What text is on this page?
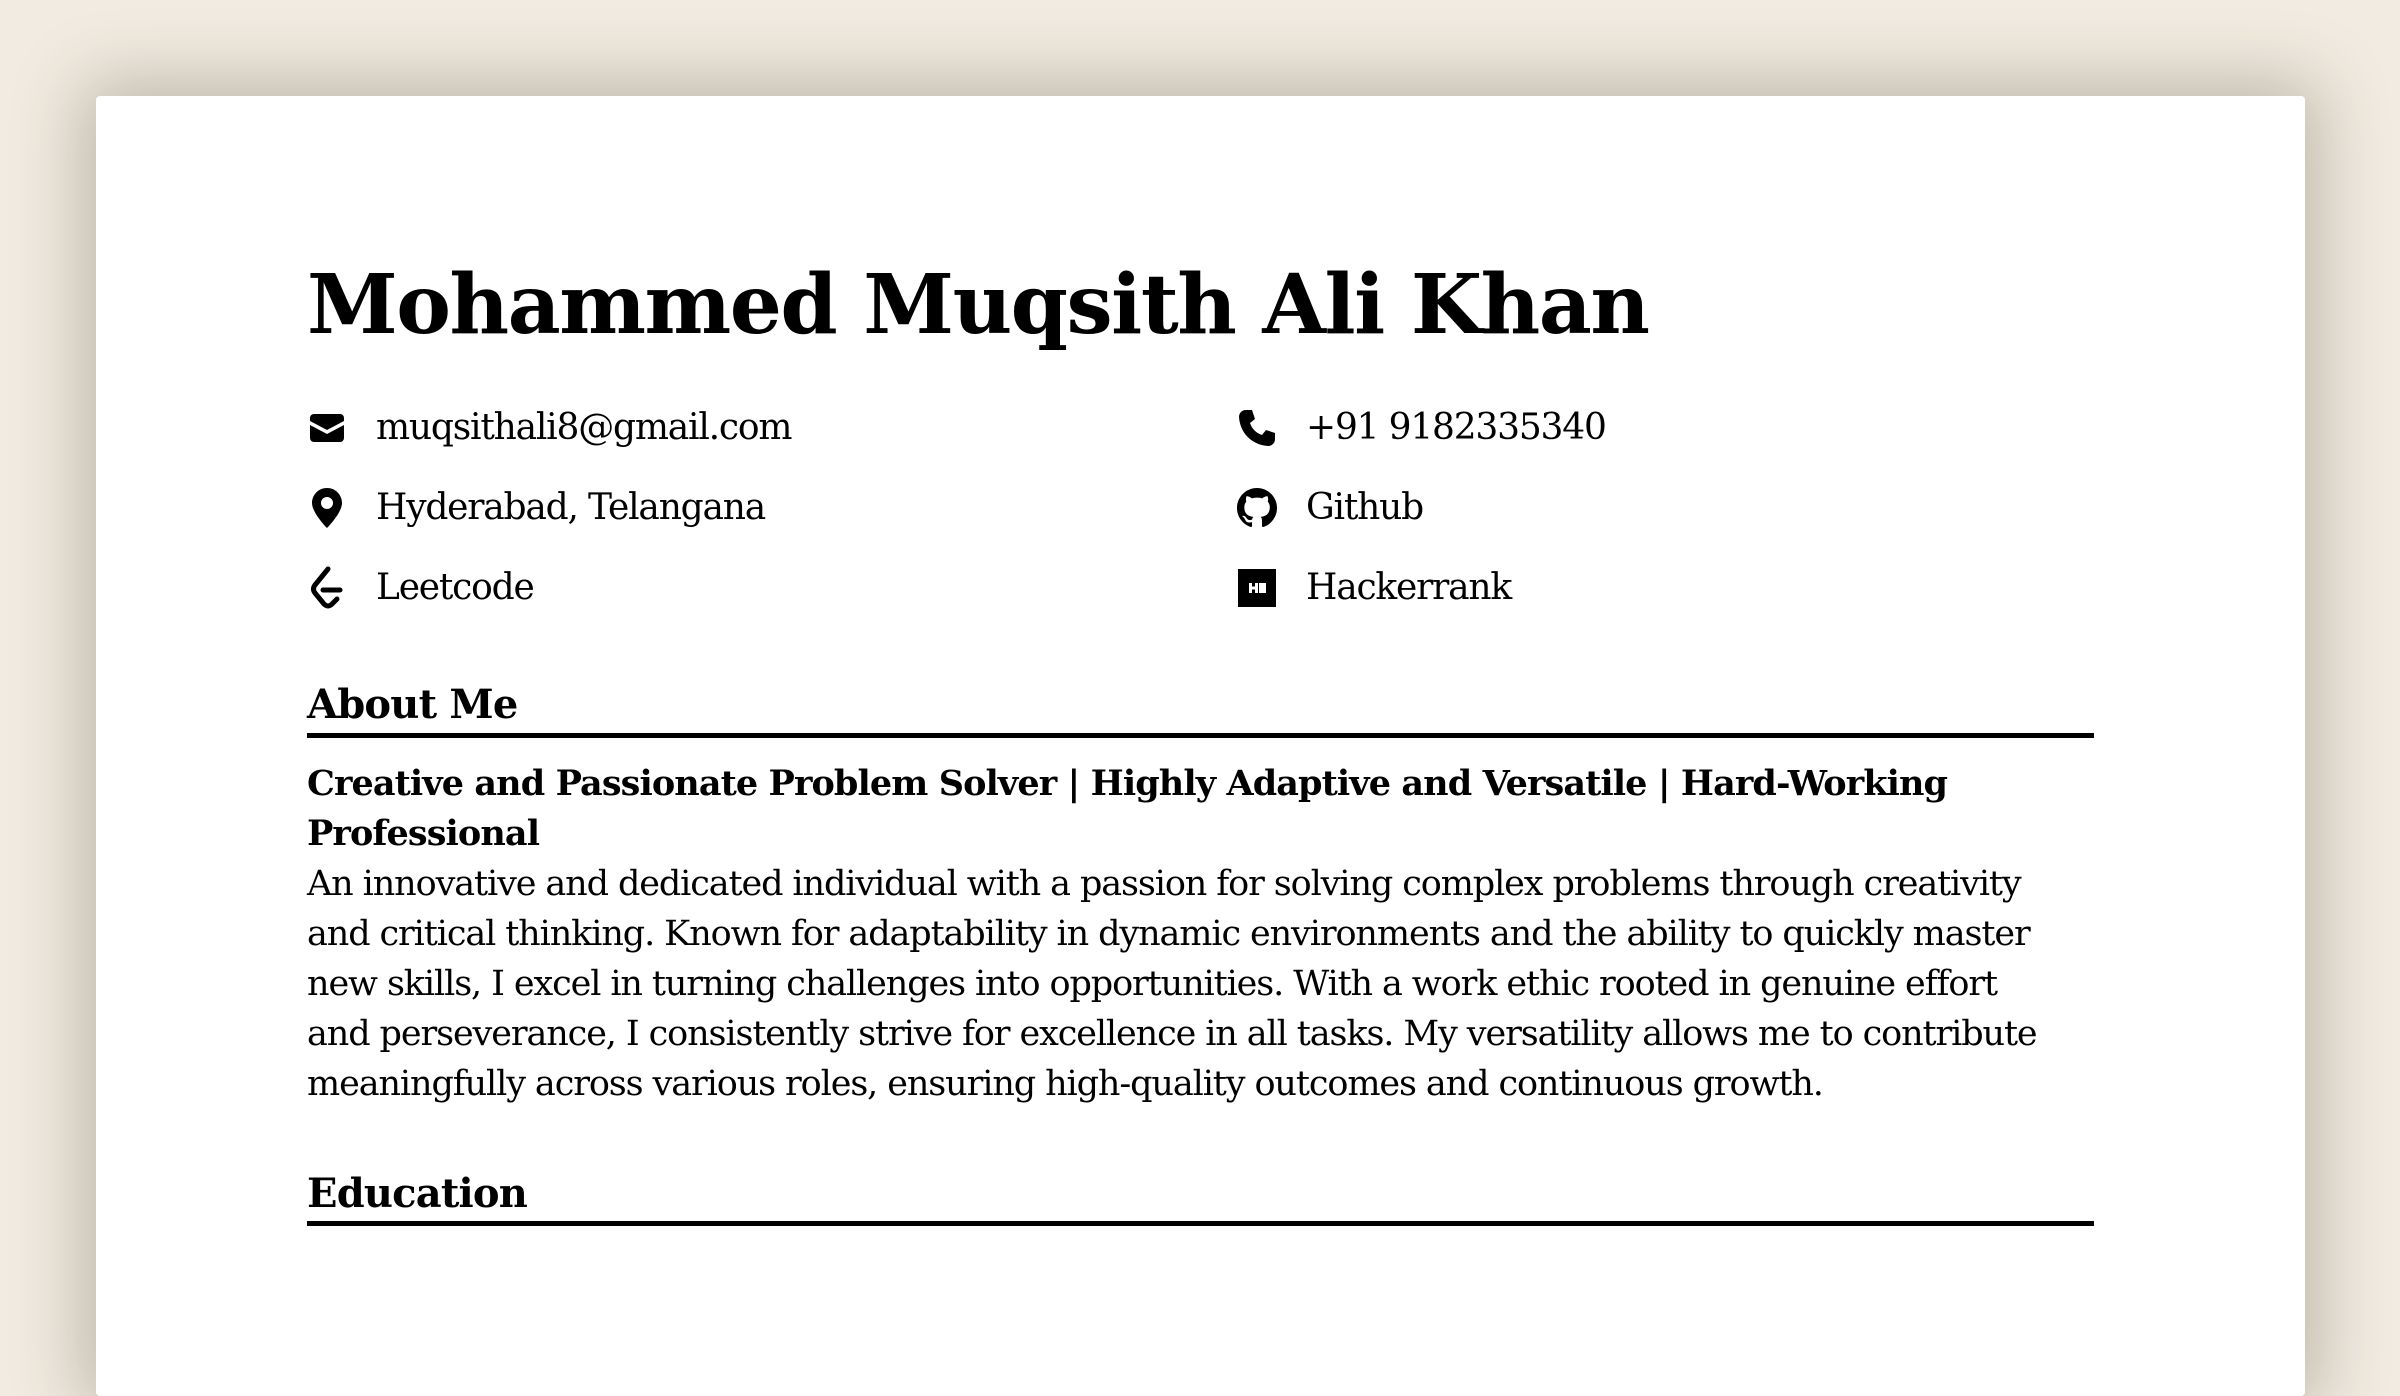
Mohammed Muqsith Ali Khan
muqsithali8@gmail.com
Hyderabad, Telangana
Leetcode
+91 9182335340
Github
Hackerrank
About Me
Creative and Passionate Problem Solver | Highly Adaptive and Versatile | Hard-Working
Professional
An innovative and dedicated individual with a passion for solving complex problems through creativity
and critical thinking. Known for adaptability in dynamic environments and the ability to quickly master
new skills, I excel in turning challenges into opportunities. With a work ethic rooted in genuine effort
and perseverance, I consistently strive for excellence in all tasks. My versatility allows me to contribute
meaningfully across various roles, ensuring high-quality outcomes and continuous growth.
Education
